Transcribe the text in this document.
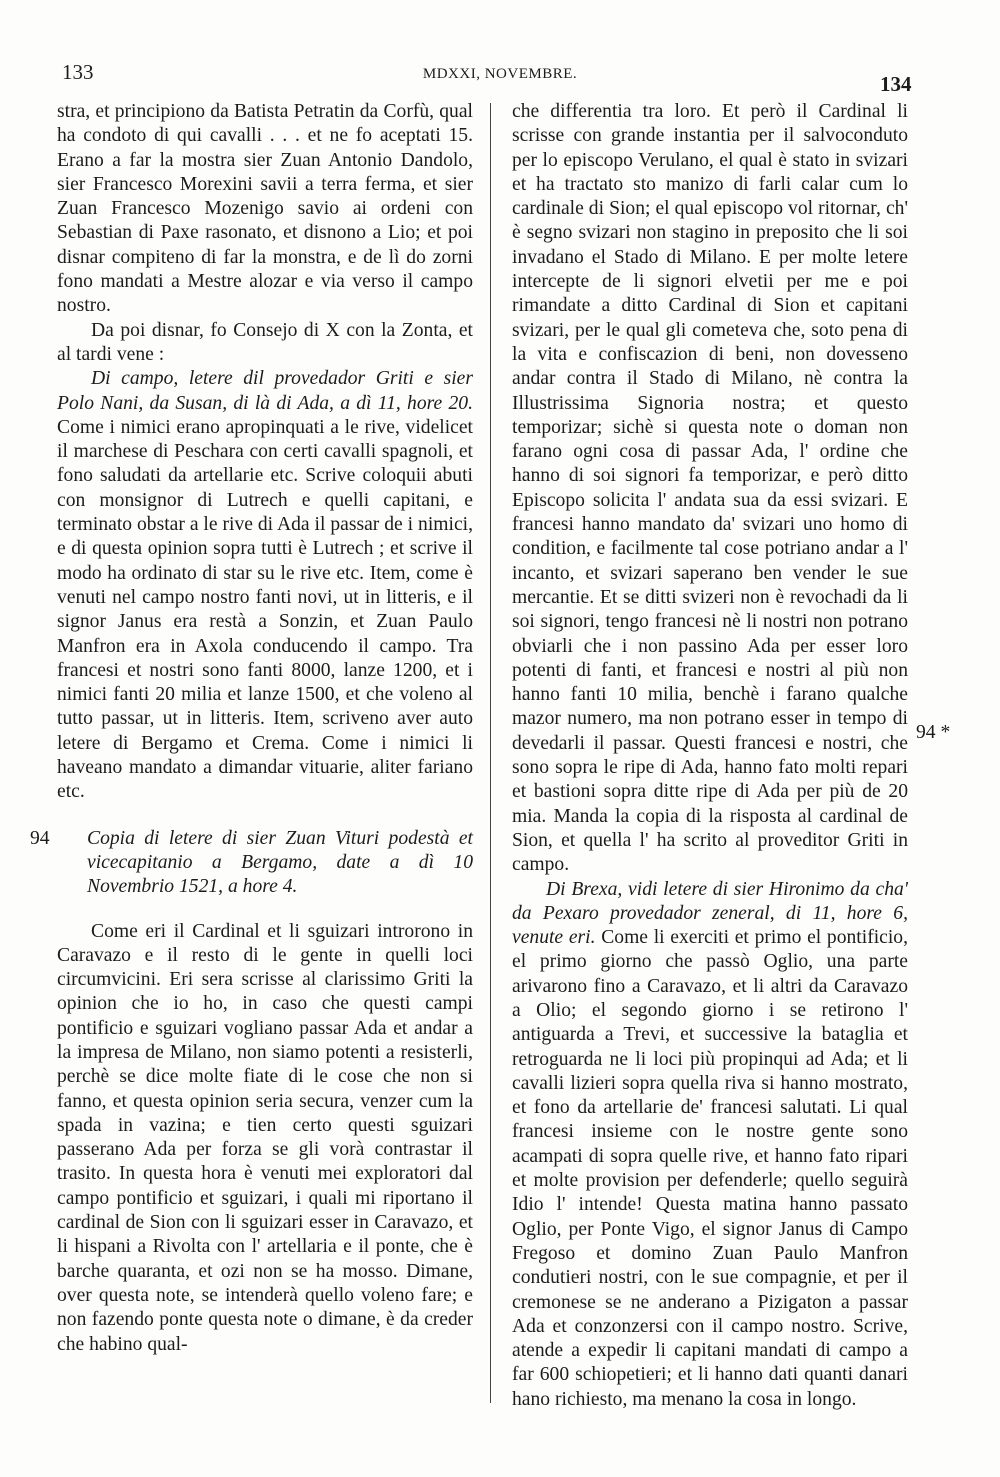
133	MDXXI, NOVEMBRE.	134

stra, et principiono da Batista Petratin da Corfù, qual ha condoto di qui cavalli . . . et ne fo aceptati 15. Erano a far la mostra sier Zuan Antonio Dandolo, sier Francesco Morexini savii a terra ferma, et sier Zuan Francesco Mozenigo savio ai ordeni con Sebastian di Paxe rasonato, et disnono a Lio; et poi disnar compiteno di far la monstra, e de lì do zorni fono mandati a Mestre alozar e via verso il campo nostro.

Da poi disnar, fo Consejo di X con la Zonta, et al tardi vene :

Di campo, letere dil provedador Griti e sier Polo Nani, da Susan, di là di Ada, a dì 11, hore 20. Come i nimici erano apropinquati a le rive, videlicet il marchese di Peschara con certi cavalli spagnoli, et fono saludati da artellarie etc. Scrive coloquii abuti con monsignor di Lutrech e quelli capitani, e terminato obstar a le rive di Ada il passar de i nimici, e di questa opinion sopra tutti è Lutrech ; et scrive il modo ha ordinato di star su le rive etc. Item, come è venuti nel campo nostro fanti novi, ut in litteris, e il signor Janus era restà a Sonzin, et Zuan Paulo Manfron era in Axola conducendo il campo. Tra francesi et nostri sono fanti 8000, lanze 1200, et i nimici fanti 20 milia et lanze 1500, et che voleno al tutto passar, ut in litteris. Item, scriveno aver auto letere di Bergamo et Crema. Come i nimici li haveano mandato a dimandar vituarie, aliter fariano etc.

94 Copia di letere di sier Zuan Vituri podestà et vicecapitanio a Bergamo, date a dì 10 Novembrio 1521, a hore 4.

Come eri il Cardinal et li sguizari introrono in Caravazo e il resto di le gente in quelli loci circumvicini. Eri sera scrisse al clarissimo Griti la opinion che io ho, in caso che questi campi pontificio e sguizari vogliano passar Ada et andar a la impresa de Milano, non siamo potenti a resisterli, perchè se dice molte fiate di le cose che non si fanno, et questa opinion seria secura, venzer cum la spada in vazina; e tien certo questi sguizari passerano Ada per forza se gli vorà contrastar il trasito. In questa hora è venuti mei exploratori dal campo pontificio et sguizari, i quali mi riportano il cardinal de Sion con li sguizari esser in Caravazo, et li hispani a Rivolta con l' artellaria e il ponte, che è barche quaranta, et ozi non se ha mosso. Dimane, over questa note, se intenderà quello voleno fare; e non fazendo ponte questa note o dimane, è da creder che habino qual-

94 *

che differentia tra loro. Et però il Cardinal li scrisse con grande instantia per il salvoconduto per lo episcopo Verulano, el qual è stato in svizari et ha tractato sto manizo di farli calar cum lo cardinale di Sion; el qual episcopo vol ritornar, ch' è segno svizari non stagino in preposito che li soi invadano el Stado di Milano. E per molte letere intercepte de li signori elvetii per me e poi rimandate a ditto Cardinal di Sion et capitani svizari, per le qual gli cometeva che, soto pena di la vita e confiscazion di beni, non dovesseno andar contra il Stado di Milano, nè contra la Illustrissima Signoria nostra; et questo temporizar; sichè si questa note o doman non farano ogni cosa di passar Ada, l' ordine che hanno di soi signori fa temporizar, e però ditto Episcopo solicita l' andata sua da essi svizari. E francesi hanno mandato da' svizari uno homo di condition, e facilmente tal cose potriano andar a l' incanto, et svizari saperano ben vender le sue mercantie. Et se ditti svizeri non è revochadi da li soi signori, tengo francesi nè li nostri non potrano obviarli che i non passino Ada per esser loro potenti di fanti, et francesi e nostri al più non hanno fanti 10 milia, benchè i farano qualche mazor numero, ma non potrano esser in tempo di devedarli il passar. Questi francesi e nostri, che sono sopra le ripe di Ada, hanno fato molti repari et bastioni sopra ditte ripe di Ada per più de 20 mia. Manda la copia di la risposta al cardinal de Sion, et quella l' ha scrito al proveditor Griti in campo.

Di Brexa, vidi letere di sier Hironimo da cha' da Pexaro provedador zeneral, di 11, hore 6, venute eri. Come li exerciti et primo el pontificio, el primo giorno che passò Oglio, una parte arivarono fino a Caravazo, et li altri da Caravazo a Olio; el segondo giorno i se retirono l' antiguarda a Trevi, et successive la bataglia et retroguarda ne li loci più propinqui ad Ada; et li cavalli lizieri sopra quella riva si hanno mostrato, et fono da artellarie de' francesi salutati. Li qual francesi insieme con le nostre gente sono acampati di sopra quelle rive, et hanno fato ripari et molte provision per defenderle; quello seguirà Idio l' intende! Questa matina hanno passato Oglio, per Ponte Vigo, el signor Janus di Campo Fregoso et domino Zuan Paulo Manfron condutieri nostri, con le sue compagnie, et per il cremonese se ne anderano a Pizigaton a passar Ada et conzonzersi con il campo nostro. Scrive, atende a expedir li capitani mandati di campo a far 600 schiopetieri; et li hanno dati quanti danari hano richiesto, ma menano la cosa in longo.
